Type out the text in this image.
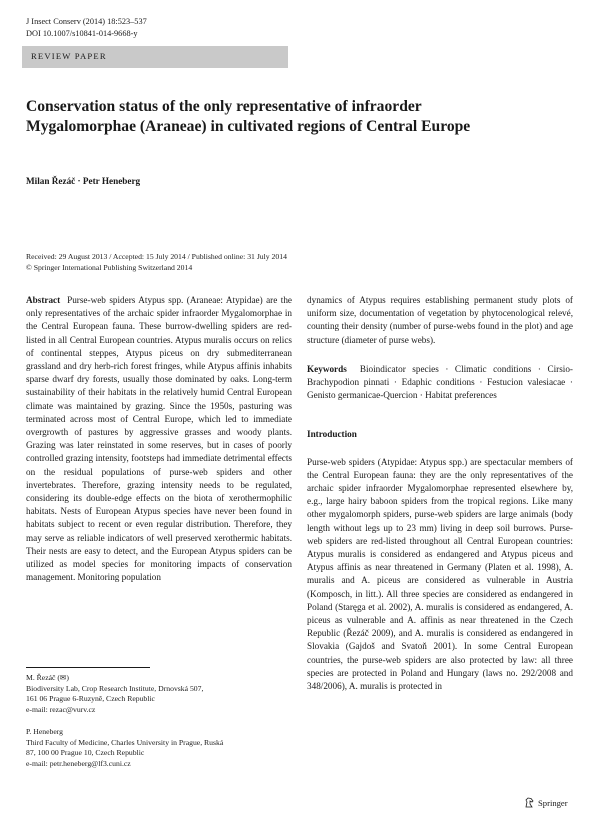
J Insect Conserv (2014) 18:523–537
DOI 10.1007/s10841-014-9668-y
REVIEW PAPER
Conservation status of the only representative of infraorder Mygalomorphae (Araneae) in cultivated regions of Central Europe
Milan Řezáč · Petr Heneberg
Received: 29 August 2013 / Accepted: 15 July 2014 / Published online: 31 July 2014
© Springer International Publishing Switzerland 2014
Abstract Purse-web spiders Atypus spp. (Araneae: Atypidae) are the only representatives of the archaic spider infraorder Mygalomorphae in the Central European fauna. These burrow-dwelling spiders are red-listed in all Central European countries. Atypus muralis occurs on relics of continental steppes, Atypus piceus on dry submediterranean grassland and dry herb-rich forest fringes, while Atypus affinis inhabits sparse dwarf dry forests, usually those dominated by oaks. Long-term sustainability of their habitats in the relatively humid Central European climate was maintained by grazing. Since the 1950s, pasturing was terminated across most of Central Europe, which led to immediate overgrowth of pastures by aggressive grasses and woody plants. Grazing was later reinstated in some reserves, but in cases of poorly controlled grazing intensity, footsteps had immediate detrimental effects on the residual populations of purse-web spiders and other invertebrates. Therefore, grazing intensity needs to be regulated, considering its double-edge effects on the biota of xerothermophilic habitats. Nests of European Atypus species have never been found in habitats subject to recent or even regular distribution. Therefore, they may serve as reliable indicators of well preserved xerothermic habitats. Their nests are easy to detect, and the European Atypus spiders can be utilized as model species for monitoring impacts of conservation management. Monitoring population
M. Řezáč (✉)
Biodiversity Lab, Crop Research Institute, Drnovská 507,
161 06 Prague 6-Ruzyně, Czech Republic
e-mail: rezac@vurv.cz
P. Heneberg
Third Faculty of Medicine, Charles University in Prague, Ruská
87, 100 00 Prague 10, Czech Republic
e-mail: petr.heneberg@lf3.cuni.cz
dynamics of Atypus requires establishing permanent study plots of uniform size, documentation of vegetation by phytocenological relevé, counting their density (number of purse-webs found in the plot) and age structure (diameter of purse webs).
Keywords Bioindicator species · Climatic conditions · Cirsio-Brachypodion pinnati · Edaphic conditions · Festucion valesiacae · Genisto germanicae-Quercion · Habitat preferences
Introduction
Purse-web spiders (Atypidae: Atypus spp.) are spectacular members of the Central European fauna: they are the only representatives of the archaic spider infraorder Mygalomorphae represented elsewhere by, e.g., large hairy baboon spiders from the tropical regions. Like many other mygalomorph spiders, purse-web spiders are large animals (body length without legs up to 23 mm) living in deep soil burrows. Purse-web spiders are red-listed throughout all Central European countries: Atypus muralis is considered as endangered and Atypus piceus and Atypus affinis as near threatened in Germany (Platen et al. 1998), A. muralis and A. piceus are considered as vulnerable in Austria (Komposch, in litt.). All three species are considered as endangered in Poland (Staręga et al. 2002), A. muralis is considered as endangered, A. piceus as vulnerable and A. affinis as near threatened in the Czech Republic (Řezáč 2009), and A. muralis is considered as endangered in Slovakia (Gajdoš and Svatoň 2001). In some Central European countries, the purse-web spiders are also protected by law: all three species are protected in Poland and Hungary (laws no. 292/2008 and 348/2006), A. muralis is protected in
Springer
